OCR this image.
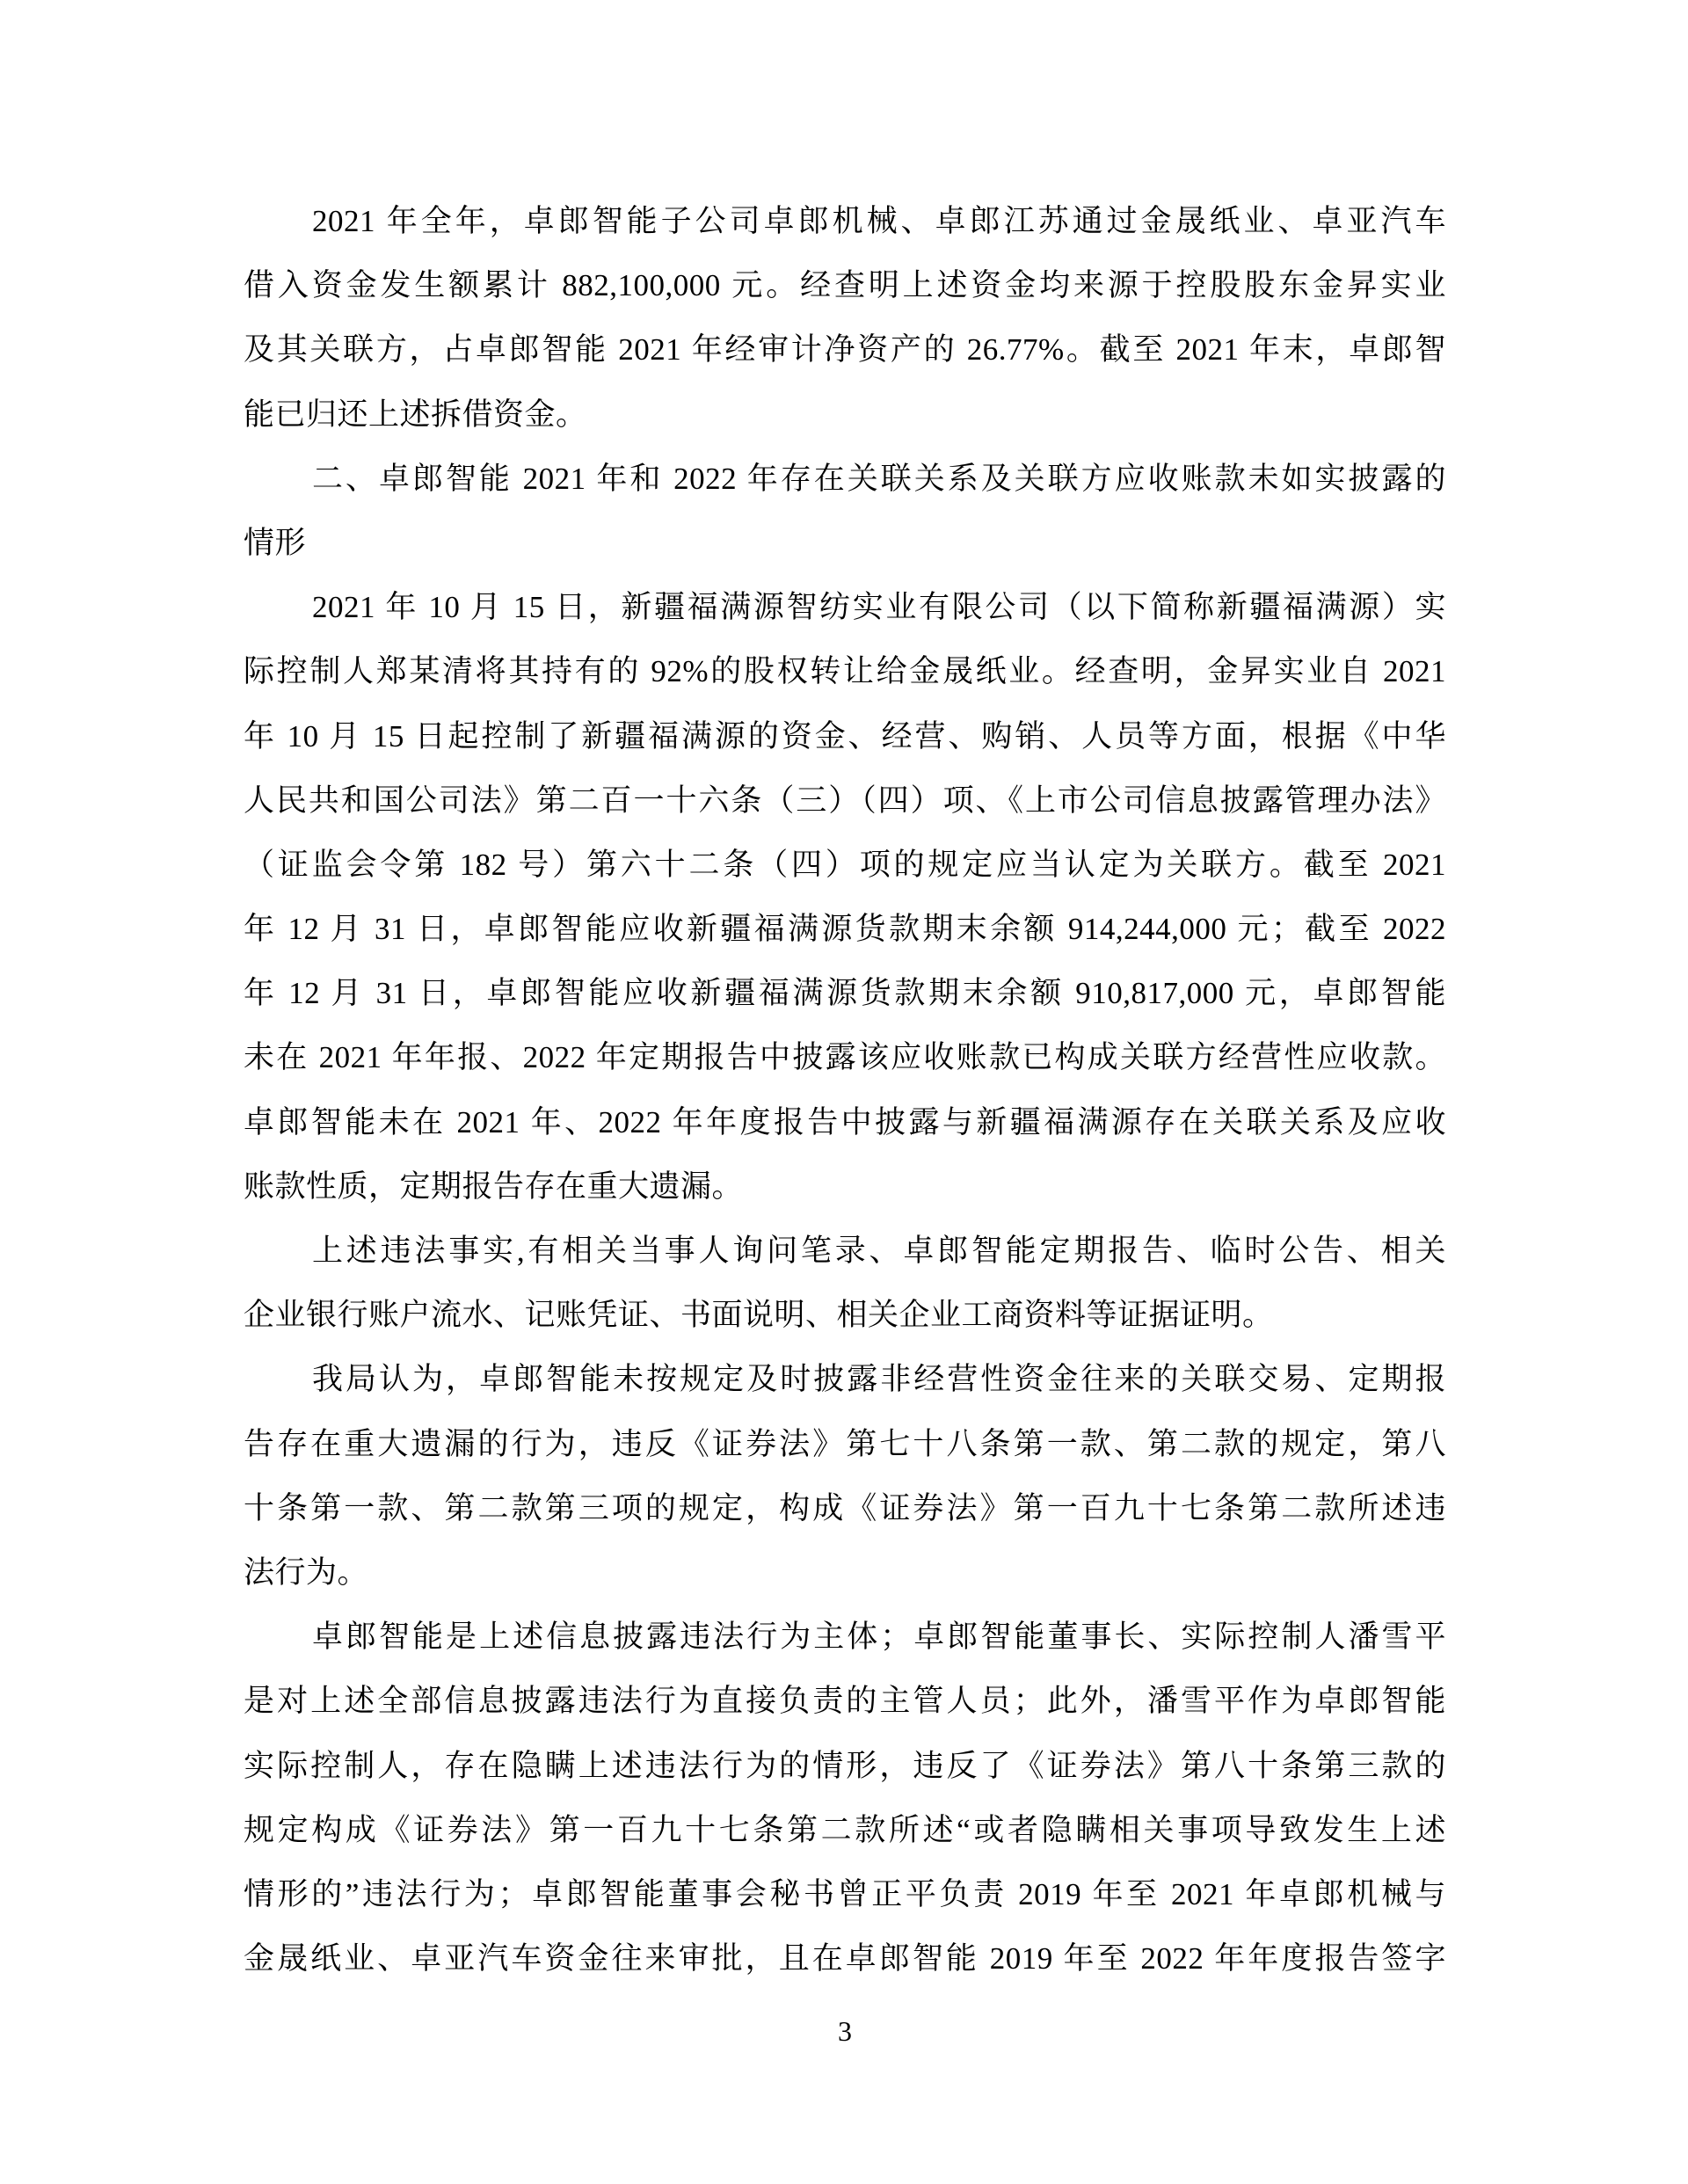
2021 年全年，卓郎智能子公司卓郎机械、卓郎江苏通过金晟纸业、卓亚汽车
借入资金发生额累计 882,100,000 元。经查明上述资金均来源于控股股东金昇实业
及其关联方，占卓郎智能 2021 年经审计净资产的 26.77%。截至 2021 年末，卓郎智
能已归还上述拆借资金。
二、卓郎智能 2021 年和 2022 年存在关联关系及关联方应收账款未如实披露的
情形
2021 年 10 月 15 日，新疆福满源智纺实业有限公司（以下简称新疆福满源）实
际控制人郑某清将其持有的 92%的股权转让给金晟纸业。经查明，金昇实业自 2021
年 10 月 15 日起控制了新疆福满源的资金、经营、购销、人员等方面，根据《中华
人民共和国公司法》第二百一十六条（三）（四）项、《上市公司信息披露管理办法》
（证监会令第 182 号）第六十二条（四）项的规定应当认定为关联方。截至 2021
年 12 月 31 日，卓郎智能应收新疆福满源货款期末余额 914,244,000 元；截至 2022
年 12 月 31 日，卓郎智能应收新疆福满源货款期末余额 910,817,000 元，卓郎智能
未在 2021 年年报、2022 年定期报告中披露该应收账款已构成关联方经营性应收款。
卓郎智能未在 2021 年、2022 年年度报告中披露与新疆福满源存在关联关系及应收
账款性质，定期报告存在重大遗漏。
上述违法事实,有相关当事人询问笔录、卓郎智能定期报告、临时公告、相关
企业银行账户流水、记账凭证、书面说明、相关企业工商资料等证据证明。
我局认为，卓郎智能未按规定及时披露非经营性资金往来的关联交易、定期报
告存在重大遗漏的行为，违反《证券法》第七十八条第一款、第二款的规定，第八
十条第一款、第二款第三项的规定，构成《证券法》第一百九十七条第二款所述违
法行为。
卓郎智能是上述信息披露违法行为主体；卓郎智能董事长、实际控制人潘雪平
是对上述全部信息披露违法行为直接负责的主管人员；此外，潘雪平作为卓郎智能
实际控制人，存在隐瞒上述违法行为的情形，违反了《证券法》第八十条第三款的
规定构成《证券法》第一百九十七条第二款所述“或者隐瞒相关事项导致发生上述
情形的”违法行为；卓郎智能董事会秘书曾正平负责 2019 年至 2021 年卓郎机械与
金晟纸业、卓亚汽车资金往来审批，且在卓郎智能 2019 年至 2022 年年度报告签字
3
